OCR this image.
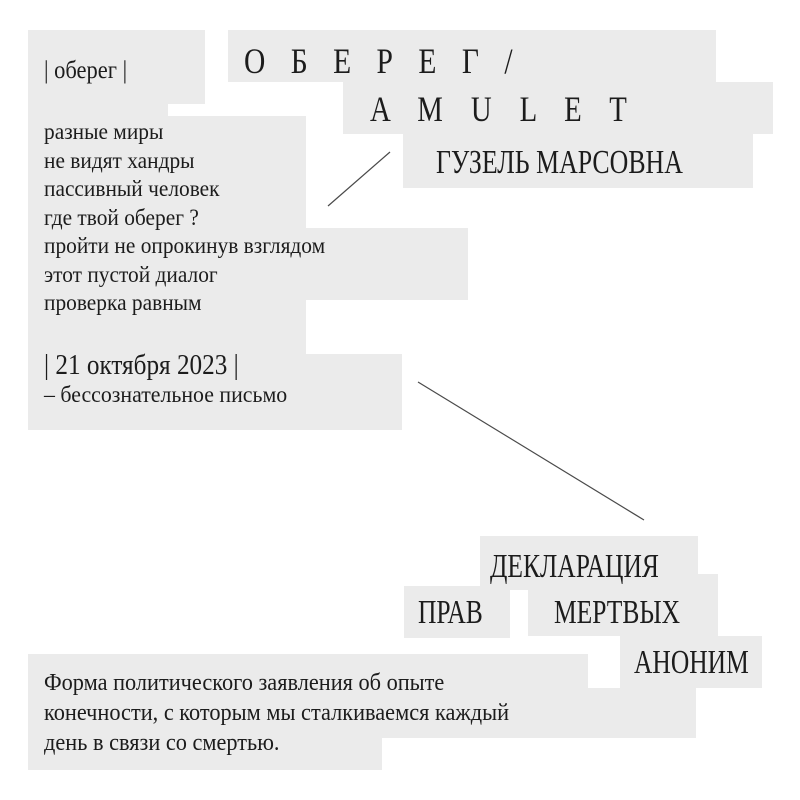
| оберег |	О Б Е Р Е Г /
A M U L E T
ГУЗЕЛЬ МАРСОВНА
разные миры
не видят хандры
пассивный человек
где твой оберег ?
пройти не опрокинув взглядом
этот пустой диалог
проверка равным
| 21 октября 2023 |
– бессознательное письмо
ДЕКЛАРАЦИЯ
ПРАВ МЕРТВЫХ
АНОНИМ
Форма политического заявления об опыте
конечности, с которым мы сталкиваемся каждый
день в связи со смертью.
